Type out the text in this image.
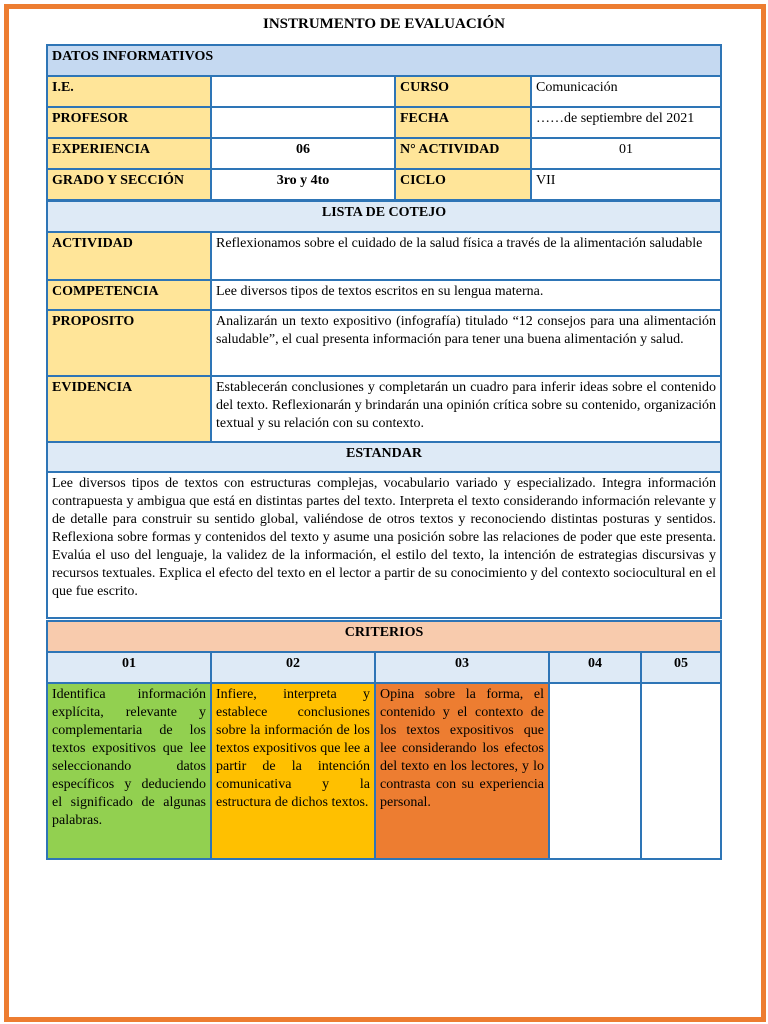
INSTRUMENTO DE EVALUACIÓN
DATOS INFORMATIVOS			
I.E.		CURSO	Comunicación
PROFESOR		FECHA	……de septiembre del 2021
EXPERIENCIA	06	N° ACTIVIDAD	01
GRADO Y SECCIÓN	3ro y 4to	CICLO	VII
LISTA DE COTEJO	
ACTIVIDAD	Reflexionamos sobre el cuidado de la salud física a través de la alimentación saludable
COMPETENCIA	Lee diversos tipos de textos escritos en su lengua materna.
PROPOSITO	Analizarán un texto expositivo (infografía) titulado “12 consejos para una alimentación saludable”, el cual presenta información para tener una buena alimentación y salud.
EVIDENCIA	Establecerán conclusiones y completarán un cuadro para inferir ideas sobre el contenido del texto. Reflexionarán y brindarán una opinión crítica sobre su contenido, organización textual y su relación con su contexto.
ESTANDAR	
Lee diversos tipos de textos con estructuras complejas, vocabulario variado y especializado. Integra información contrapuesta y ambigua que está en distintas partes del texto. Interpreta el texto considerando información relevante y de detalle para construir su sentido global, valiéndose de otros textos y reconociendo distintas posturas y sentidos. Reflexiona sobre formas y contenidos del texto y asume una posición sobre las relaciones de poder que este presenta. Evalúa el uso del lenguaje, la validez de la información, el estilo del texto, la intención de estrategias discursivas y recursos textuales. Explica el efecto del texto en el lector a partir de su conocimiento y del contexto sociocultural en el que fue escrito.	
CRITERIOS				
01	02	03	04	05
Identifica información explícita, relevante y complementaria de los textos expositivos que lee seleccionando datos específicos y deduciendo el significado de algunas palabras.	Infiere, interpreta y establece conclusiones sobre la información de los textos expositivos que lee a partir de la intención comunicativa y la estructura de dichos textos.	Opina sobre la forma, el contenido y el contexto de los textos expositivos que lee considerando los efectos del texto en los lectores, y lo contrasta con su experiencia personal.		
